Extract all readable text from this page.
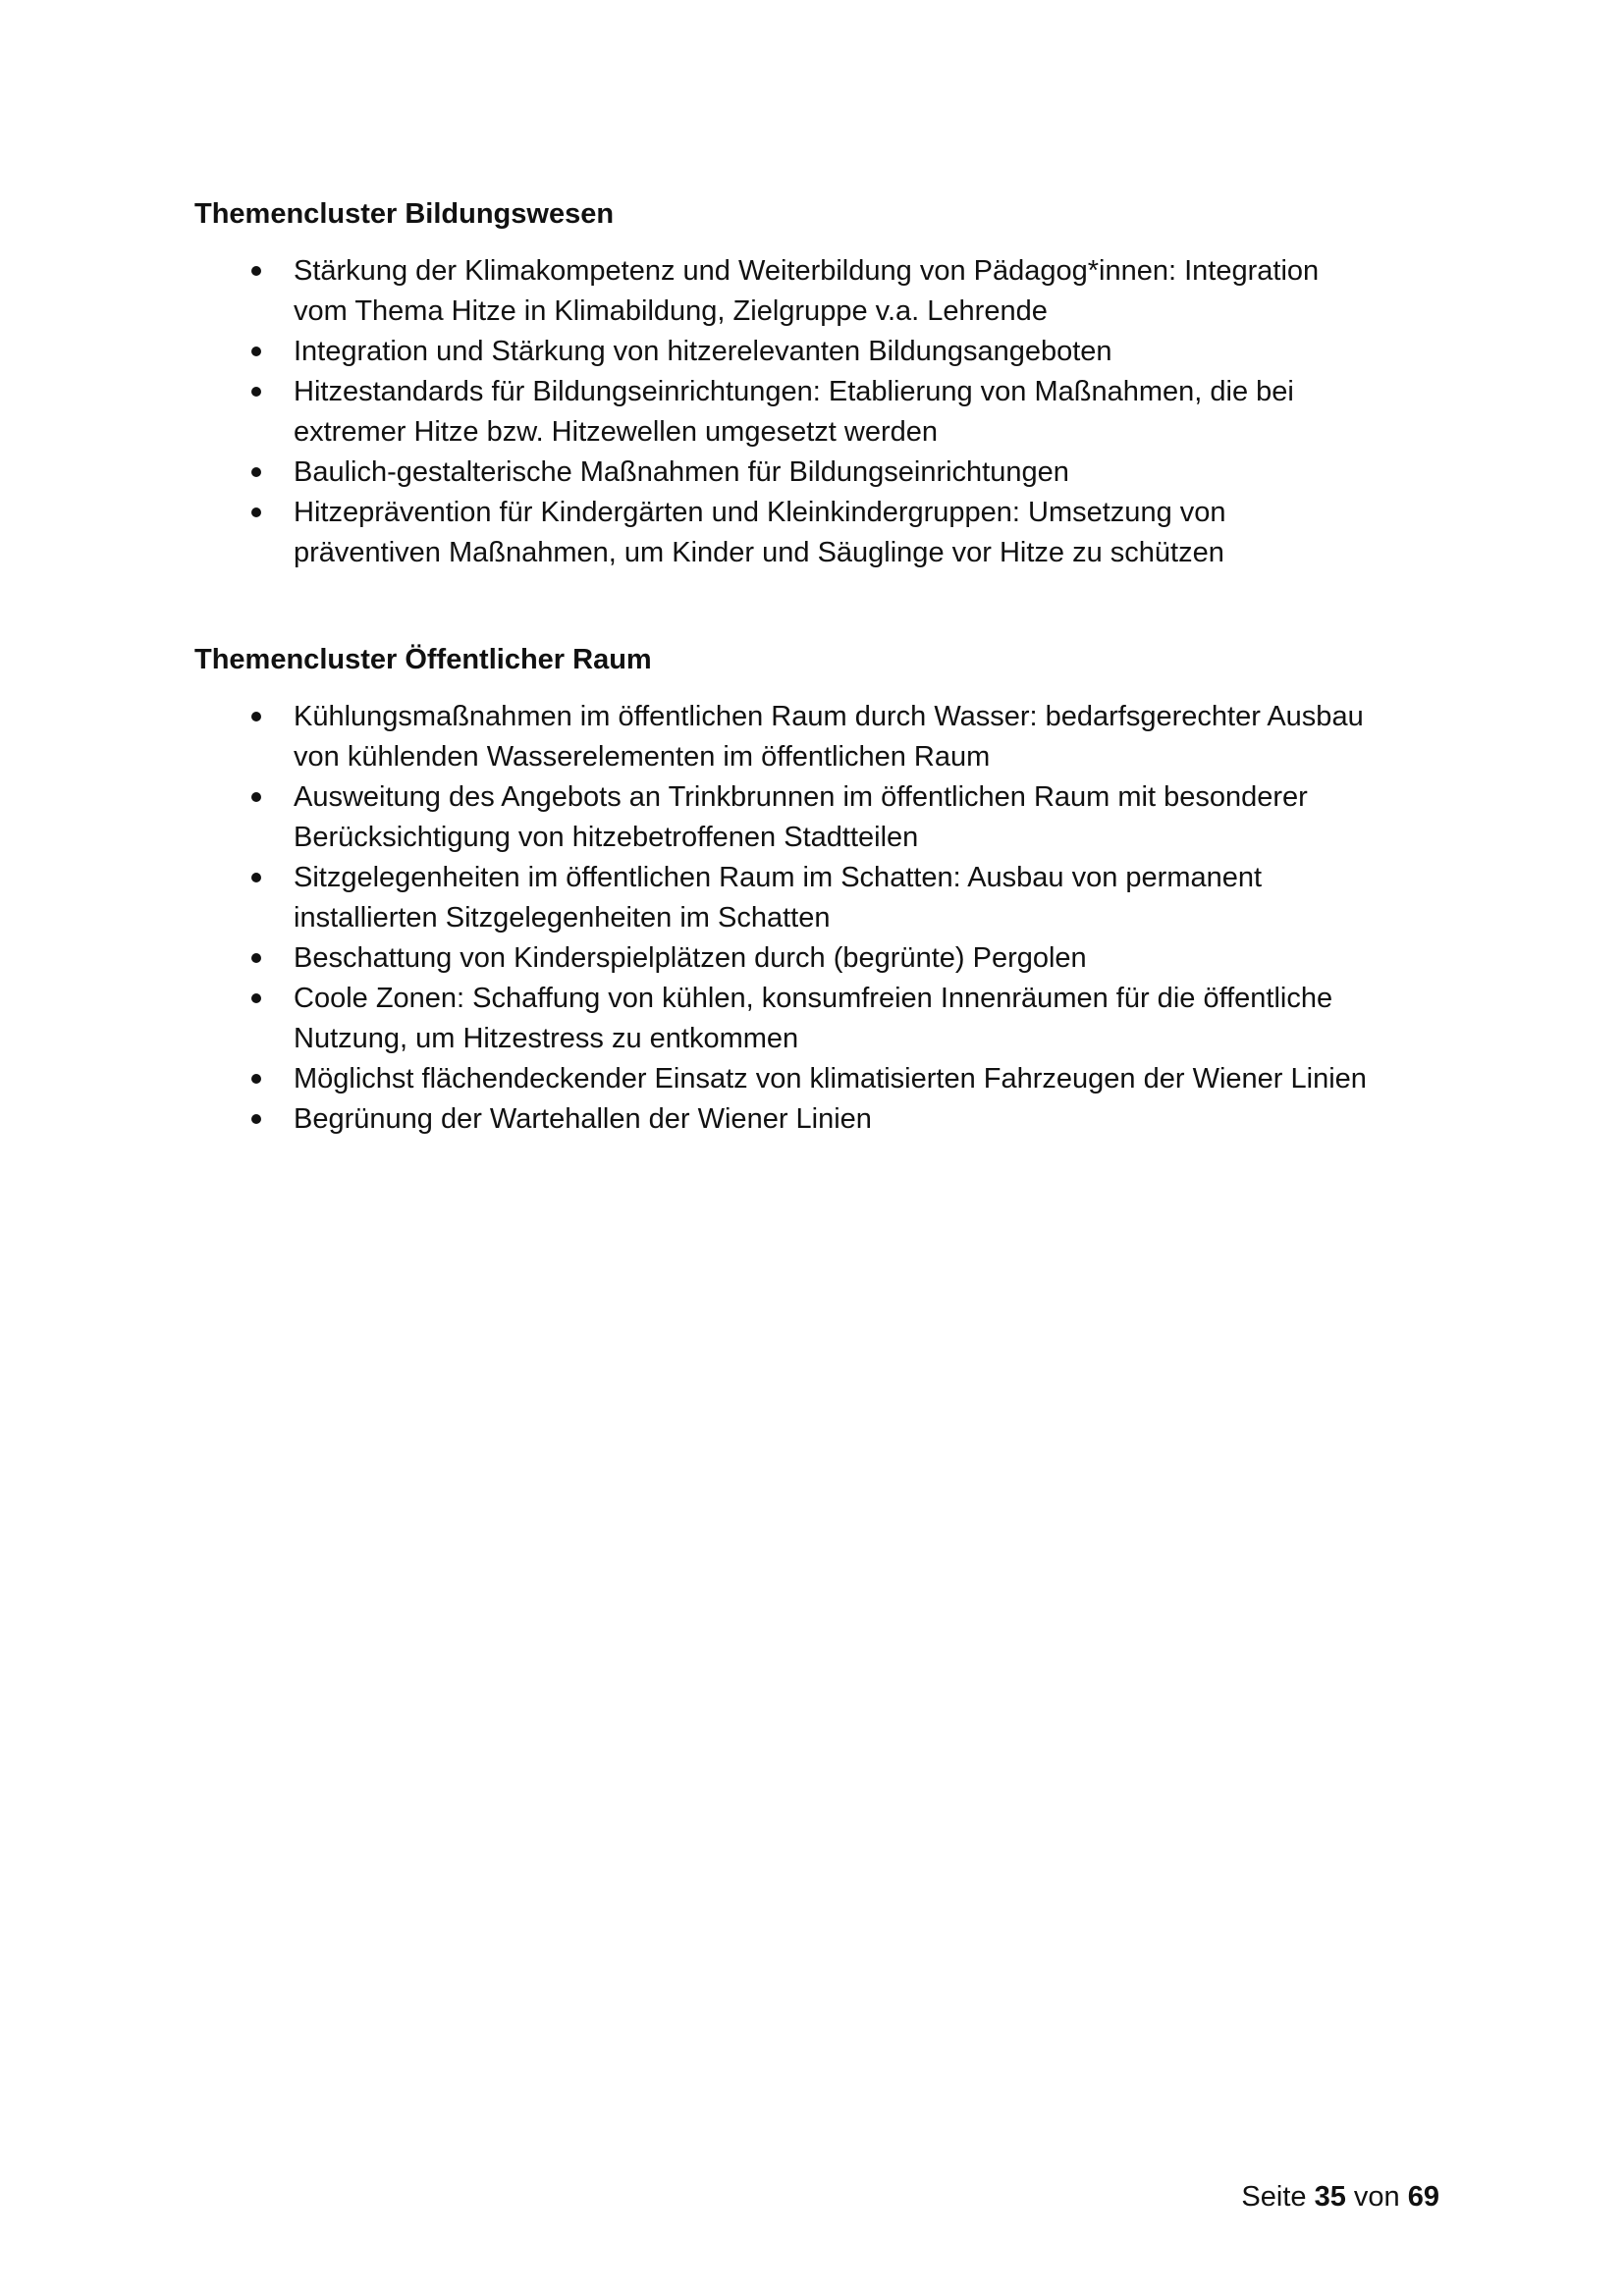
Themencluster Bildungswesen
Stärkung der Klimakompetenz und Weiterbildung von Pädagog*innen: Integration
vom Thema Hitze in Klimabildung, Zielgruppe v.a. Lehrende
Integration und Stärkung von hitzerelevanten Bildungsangeboten
Hitzestandards für Bildungseinrichtungen: Etablierung von Maßnahmen, die bei
extremer Hitze bzw. Hitzewellen umgesetzt werden
Baulich-gestalterische Maßnahmen für Bildungseinrichtungen
Hitzeprävention für Kindergärten und Kleinkindergruppen: Umsetzung von
präventiven Maßnahmen, um Kinder und Säuglinge vor Hitze zu schützen
Themencluster Öffentlicher Raum
Kühlungsmaßnahmen im öffentlichen Raum durch Wasser: bedarfsgerechter Ausbau
von kühlenden Wasserelementen im öffentlichen Raum
Ausweitung des Angebots an Trinkbrunnen im öffentlichen Raum mit besonderer
Berücksichtigung von hitzebetroffenen Stadtteilen
Sitzgelegenheiten im öffentlichen Raum im Schatten: Ausbau von permanent
installierten Sitzgelegenheiten im Schatten
Beschattung von Kinderspielplätzen durch (begrünte) Pergolen
Coole Zonen: Schaffung von kühlen, konsumfreien Innenräumen für die öffentliche
Nutzung, um Hitzestress zu entkommen
Möglichst flächendeckender Einsatz von klimatisierten Fahrzeugen der Wiener Linien
Begrünung der Wartehallen der Wiener Linien
Seite 35 von 69
